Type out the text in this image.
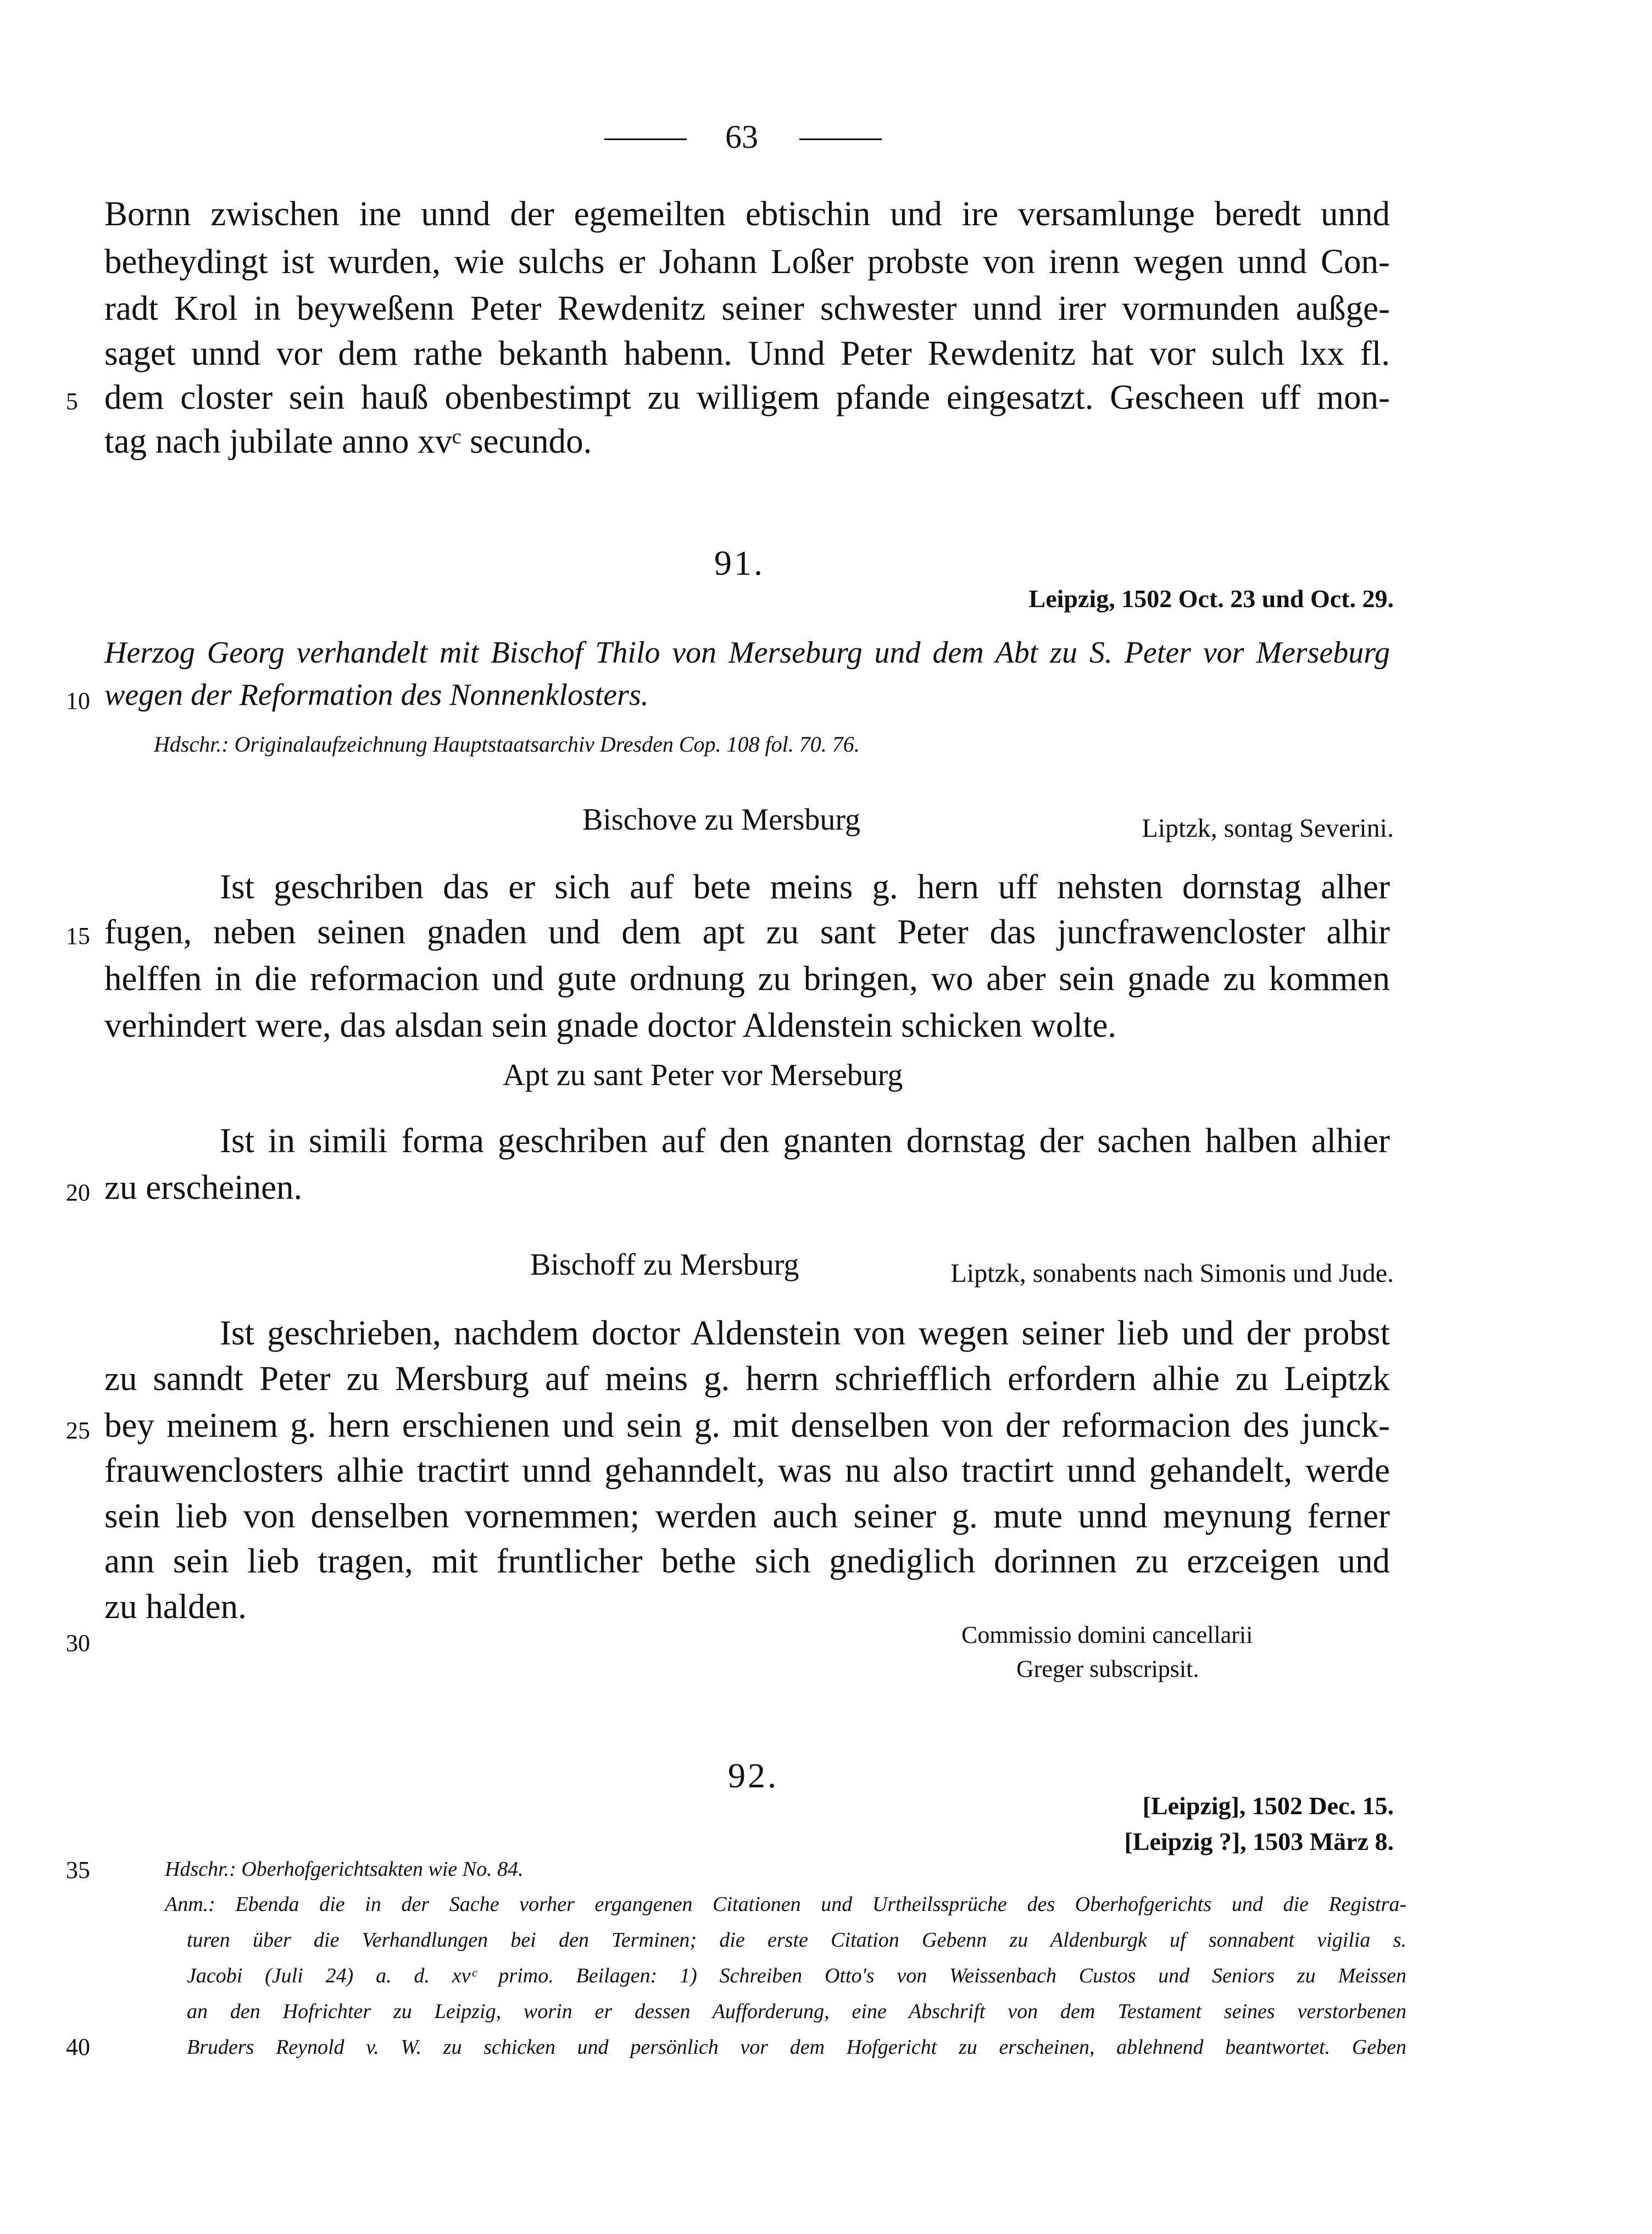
63
Bornn zwischen ine unnd der egemeilten ebtischin und ire versamlunge beredt unnd
betheydingt ist wurden, wie sulchs er Johann Loßer probste von irenn wegen unnd Con-
radt Krol in beyweßenn Peter Rewdenitz seiner schwester unnd irer vormunden außge-
saget unnd vor dem rathe bekanth habenn. Unnd Peter Rewdenitz hat vor sulch lxx fl.
5 dem closter sein hauß obenbestimpt zu willigem pfande eingesatzt. Gescheen uff mon-
tag nach jubilate anno xvᶜ secundo.
91.
Leipzig, 1502 Oct. 23 und Oct. 29.
Herzog Georg verhandelt mit Bischof Thilo von Merseburg und dem Abt zu S. Peter vor Merseburg
10 wegen der Reformation des Nonnenklosters.
Hdschr.: Originalaufzeichnung Hauptstaatsarchiv Dresden Cop. 108 fol. 70. 76.
Bischove zu Mersburg	Liptzk, sontag Severini.
Ist geschriben das er sich auf bete meins g. hern uff nehsten dornstag alher
15 fugen, neben seinen gnaden und dem apt zu sant Peter das juncfrawencloster alhir
helffen in die reformacion und gute ordnung zu bringen, wo aber sein gnade zu kommen
verhindert were, das alsdan sein gnade doctor Aldenstein schicken wolte.
Apt zu sant Peter vor Merseburg
Ist in simili forma geschriben auf den gnanten dornstag der sachen halben alhier
20 zu erscheinen.
Bischoff zu Mersburg	Liptzk, sonabents nach Simonis und Jude.
Ist geschrieben, nachdem doctor Aldenstein von wegen seiner lieb und der probst
zu sanndt Peter zu Mersburg auf meins g. herrn schriefflich erfordern alhie zu Leiptzk
25 bey meinem g. hern erschienen und sein g. mit denselben von der reformacion des junck-
frauwenclosters alhie tractirt unnd gehanndelt, was nu also tractirt unnd gehandelt, werde
sein lieb von denselben vornemmen; werden auch seiner g. mute unnd meynung ferner
ann sein lieb tragen, mit fruntlicher bethe sich gnediglich dorinnen zu erzceigen und
zu halden.
30	Commissio domini cancellarii
Greger subscripsit.
92.
[Leipzig], 1502 Dec. 15.
[Leipzig ?], 1503 März 8.
35	Hdschr.: Oberhofgerichtsakten wie No. 84.
Anm.: Ebenda die in der Sache vorher ergangenen Citationen und Urtheilssprüche des Oberhofgerichts und die Registra-
turen über die Verhandlungen bei den Terminen; die erste Citation Gebenn zu Aldenburgk uf sonnabent vigilia s.
Jacobi (Juli 24) a. d. xvᶜ primo. Beilagen: 1) Schreiben Otto's von Weissenbach Custos und Seniors zu Meissen
an den Hofrichter zu Leipzig, worin er dessen Aufforderung, eine Abschrift von dem Testament seines verstorbenen
40	Bruders Reynold v. W. zu schicken und persönlich vor dem Hofgericht zu erscheinen, ablehnend beantwortet. Geben
